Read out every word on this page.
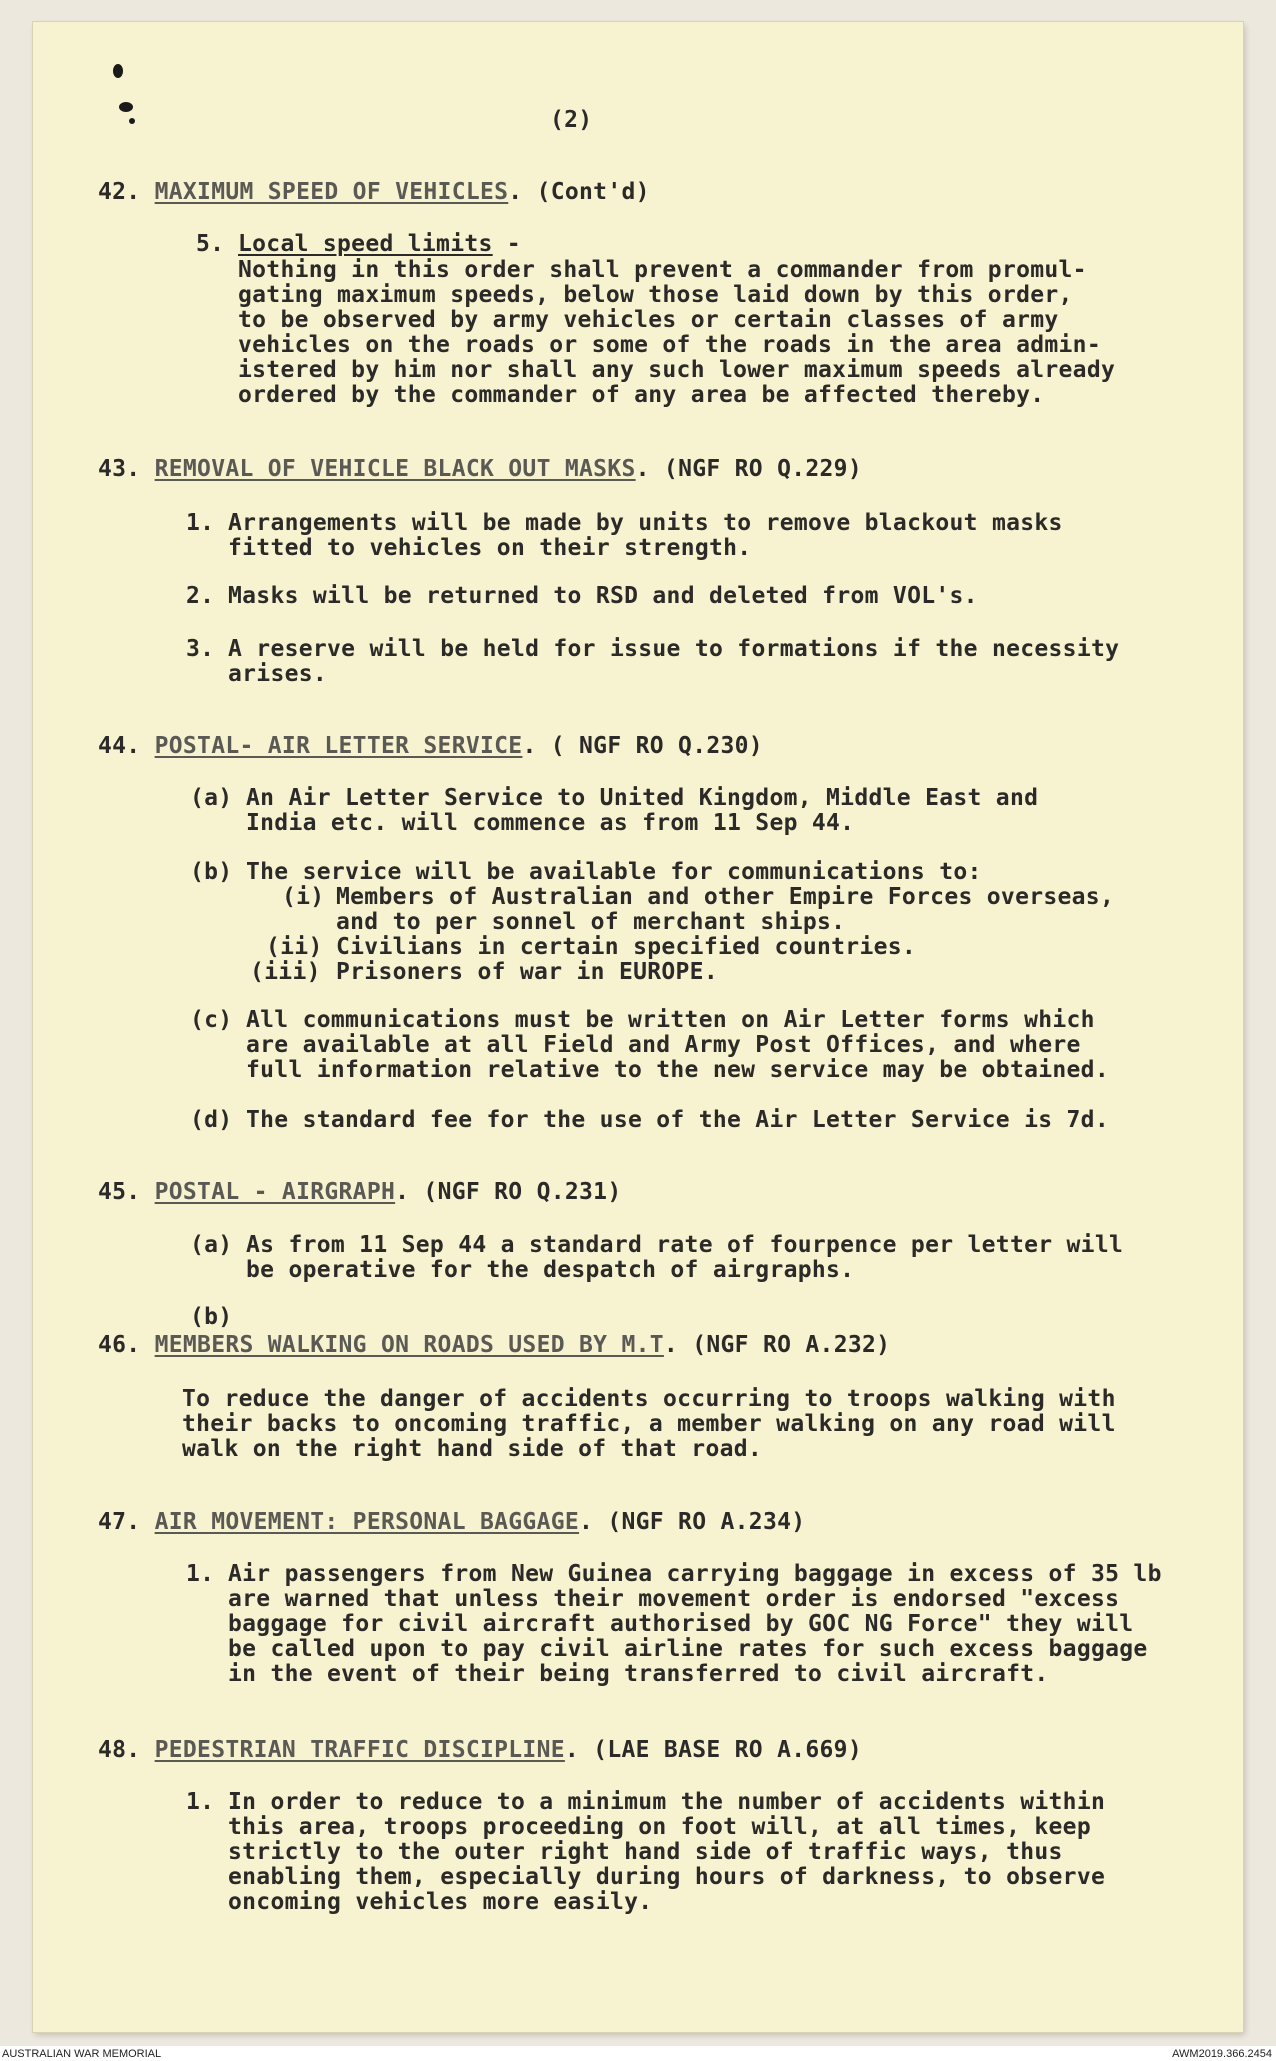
(2)
42. MAXIMUM SPEED OF VEHICLES. (Cont'd)
5. Local speed limits -
Nothing in this order shall prevent a commander from promul-
gating maximum speeds, below those laid down by this order,
to be observed by army vehicles or certain classes of army
vehicles on the roads or some of the roads in the area admin-
istered by him nor shall any such lower maximum speeds already
ordered by the commander of any area be affected thereby.
43. REMOVAL OF VEHICLE BLACK OUT MASKS. (NGF RO Q.229)
1. Arrangements will be made by units to remove blackout masks
fitted to vehicles on their strength.
2. Masks will be returned to RSD and deleted from VOL's.
3. A reserve will be held for issue to formations if the necessity
arises.
44. POSTAL- AIR LETTER SERVICE. ( NGF RO Q.230)
(a) An Air Letter Service to United Kingdom, Middle East and
India etc. will commence as from 11 Sep 44.
(b) The service will be available for communications to:
(i) Members of Australian and other Empire Forces overseas,
and to per sonnel of merchant ships.
(ii) Civilians in certain specified countries.
(iii) Prisoners of war in EUROPE.
(c) All communications must be written on Air Letter forms which
are available at all Field and Army Post Offices, and where
full information relative to the new service may be obtained.
(d) The standard fee for the use of the Air Letter Service is 7d.
45. POSTAL - AIRGRAPH. (NGF RO Q.231)
(a) As from 11 Sep 44 a standard rate of fourpence per letter will
be operative for the despatch of airgraphs.
(b)
46. MEMBERS WALKING ON ROADS USED BY M.T. (NGF RO A.232)
To reduce the danger of accidents occurring to troops walking with
their backs to oncoming traffic, a member walking on any road will
walk on the right hand side of that road.
47. AIR MOVEMENT: PERSONAL BAGGAGE. (NGF RO A.234)
1. Air passengers from New Guinea carrying baggage in excess of 35 lb
are warned that unless their movement order is endorsed "excess
baggage for civil aircraft authorised by GOC NG Force" they will
be called upon to pay civil airline rates for such excess baggage
in the event of their being transferred to civil aircraft.
48. PEDESTRIAN TRAFFIC DISCIPLINE. (LAE BASE RO A.669)
1. In order to reduce to a minimum the number of accidents within
this area, troops proceeding on foot will, at all times, keep
strictly to the outer right hand side of traffic ways, thus
enabling them, especially during hours of darkness, to observe
oncoming vehicles more easily.
AUSTRALIAN WAR MEMORIAL	AWM2019.366.2454
